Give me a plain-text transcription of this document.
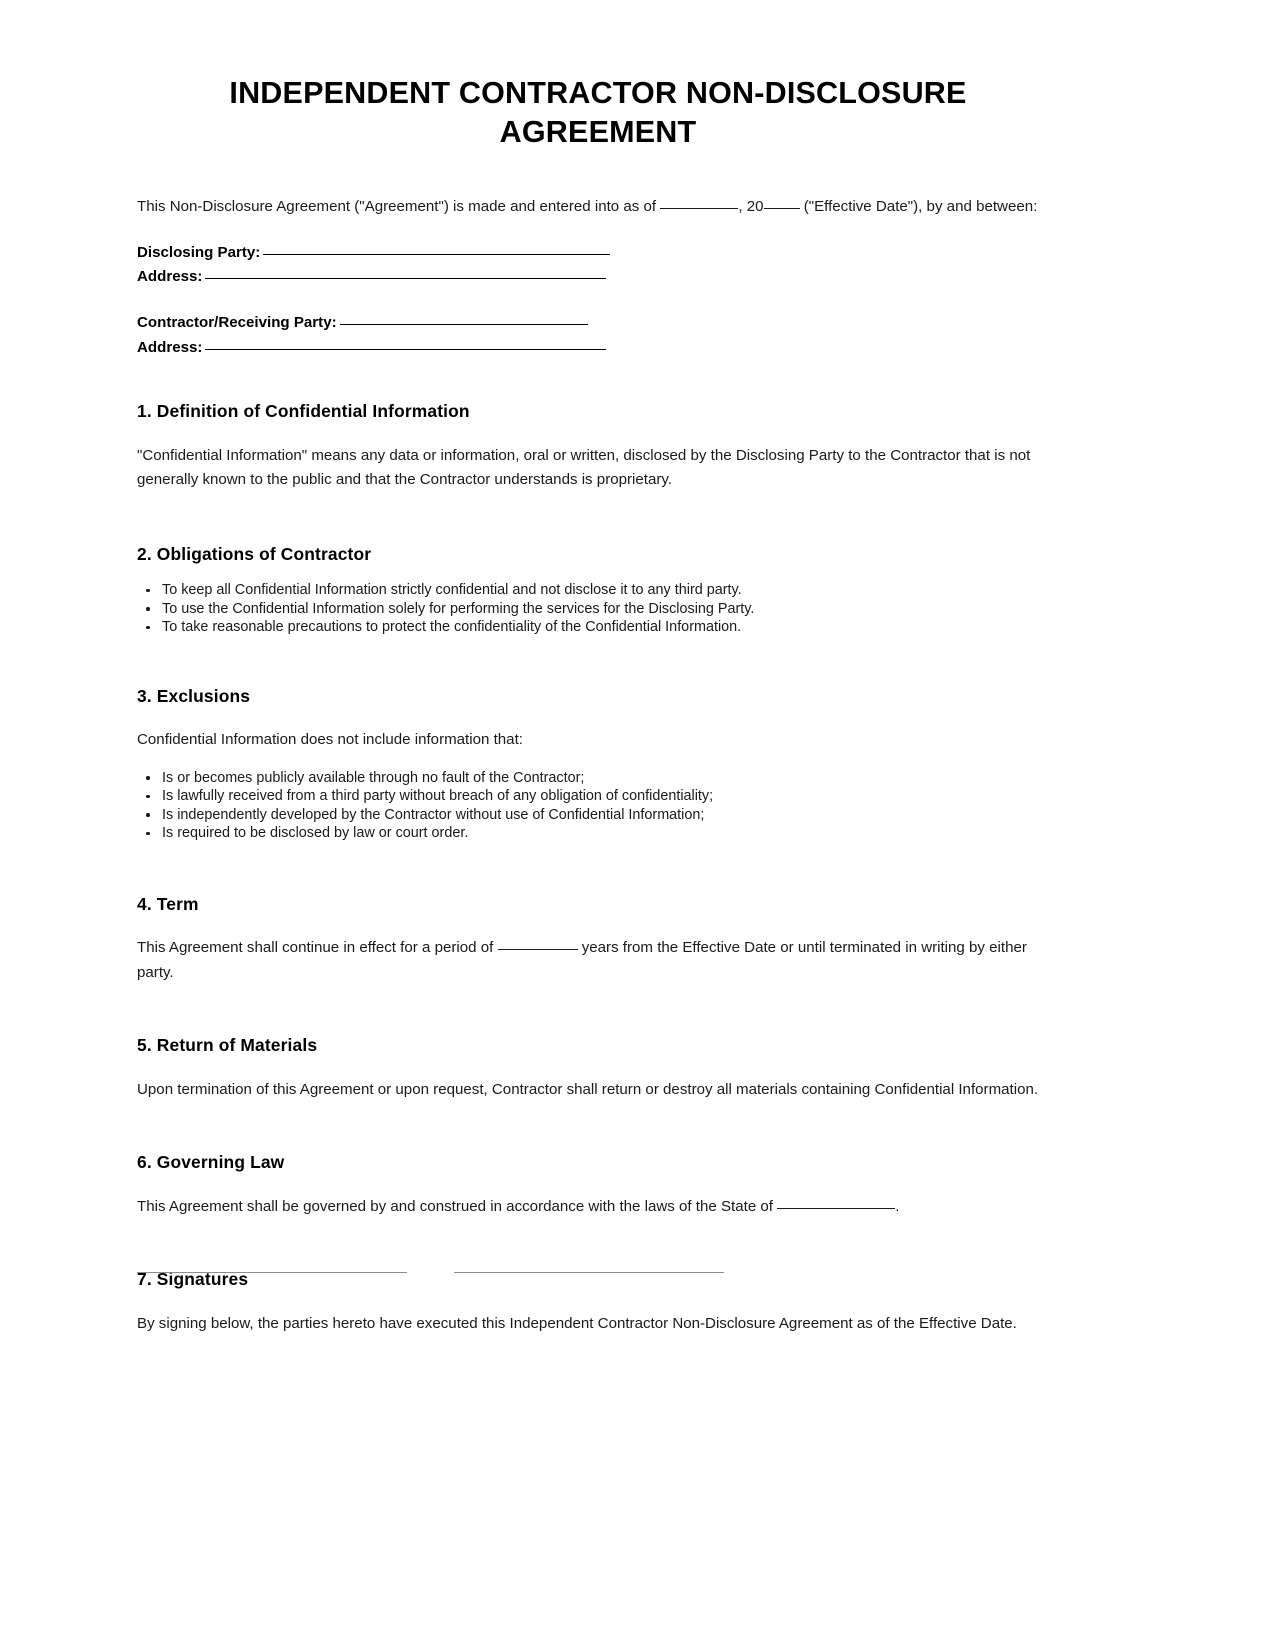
INDEPENDENT CONTRACTOR NON-DISCLOSURE AGREEMENT

This Non-Disclosure Agreement ("Agreement") is made and entered into as of	, 20 ("Effective Date"), by and between:

Disclosing Party:
Address:
Contractor/Receiving Party:
Address:
1. Definition of Confidential Information

"Confidential Information" means any data or information, oral or written, disclosed by the Disclosing Party to the Contractor that is not generally known to the public and that the Contractor understands is proprietary.

2. Obligations of Contractor
To keep all Confidential Information strictly confidential and not disclose it to any third party.
To use the Confidential Information solely for performing the services for the Disclosing Party.
To take reasonable precautions to protect the confidentiality of the Confidential Information.
3. Exclusions

Confidential Information does not include information that:

Is or becomes publicly available through no fault of the Contractor;
Is lawfully received from a third party without breach of any obligation of confidentiality;
Is independently developed by the Contractor without use of Confidential Information;
Is required to be disclosed by law or court order.
4. Term

This Agreement shall continue in effect for a period of	years from the Effective Date or until terminated in writing by either party.

5. Return of Materials

Upon termination of this Agreement or upon request, Contractor shall return or destroy all materials containing Confidential Information.

6. Governing Law

This Agreement shall be governed by and construed in accordance with the laws of the State of	.

7. Signatures

By signing below, the parties hereto have executed this Independent Contractor Non-Disclosure Agreement as of the Effective Date.
